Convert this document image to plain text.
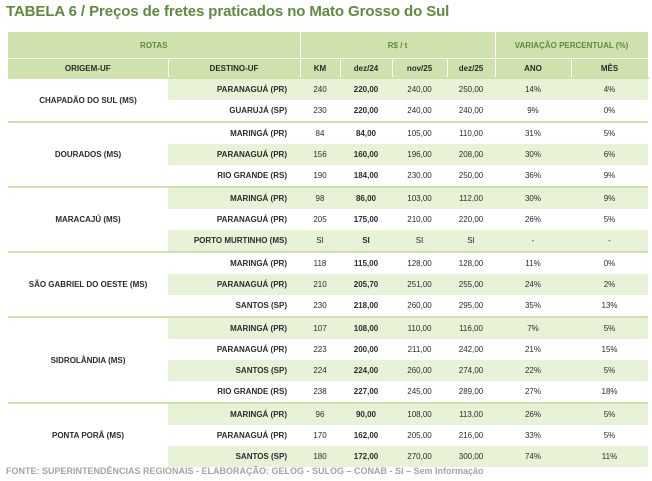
TABELA 6 / Preços de fretes praticados no Mato Grosso do Sul
ROTAS		R$ / t				VARIAÇÃO PERCENTUAL (%)	
ORIGEM-UF	DESTINO-UF	KM	dez/24	nov/25	dez/25	ANO	MÊS
CHAPADÃO DO SUL (MS)	PARANAGUÁ (PR)	240	220,00	240,00	250,00	14%	4%
	GUARUJÁ (SP)	230	220,00	240,00	240,00	9%	0%
DOURADOS (MS)	MARINGÁ (PR)	84	84,00	105,00	110,00	31%	5%
	PARANAGUÁ (PR)	156	160,00	196,00	208,00	30%	6%
	RIO GRANDE (RS)	190	184,00	230,00	250,00	36%	9%
MARACAJÚ (MS)	MARINGÁ (PR)	98	86,00	103,00	112,00	30%	9%
	PARANAGUÁ (PR)	205	175,00	210,00	220,00	26%	5%
	PORTO MURTINHO (MS)	SI	SI	SI	SI	-	-
SÃO GABRIEL DO OESTE (MS)	MARINGÁ (PR)	118	115,00	128,00	128,00	11%	0%
	PARANAGUÁ (PR)	210	205,70	251,00	255,00	24%	2%
	SANTOS (SP)	230	218,00	260,00	295,00	35%	13%
SIDROLÂNDIA (MS)	MARINGÁ (PR)	107	108,00	110,00	116,00	7%	5%
	PARANAGUÁ (PR)	223	200,00	211,00	242,00	21%	15%
	SANTOS (SP)	224	224,00	260,00	274,00	22%	5%
	RIO GRANDE (RS)	238	227,00	245,00	289,00	27%	18%
PONTA PORÃ (MS)	MARINGÁ (PR)	96	90,00	108,00	113,00	26%	5%
	PARANAGUÁ (PR)	170	162,00	205,00	216,00	33%	5%
	SANTOS (SP)	180	172,00	270,00	300,00	74%	11%

FONTE: SUPERINTENDÊNCIAS REGIONAIS - ELABORAÇÃO: GELOG - SULOG – CONAB - SI – Sem Informação
